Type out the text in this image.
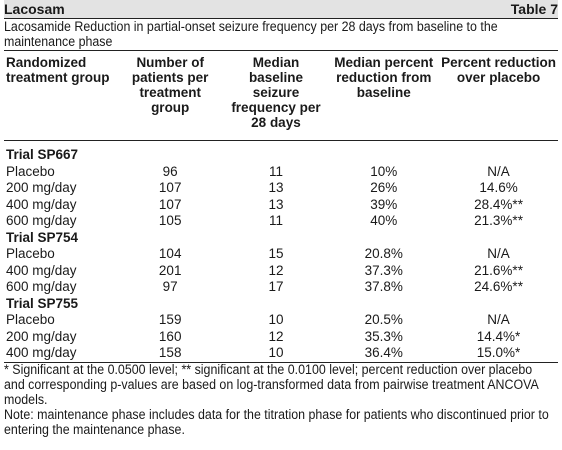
Lacosam	Table 7
Lacosamide Reduction in partial-onset seizure frequency per 28 days from baseline to the maintenance phase
Randomized treatment group	Number of patients per treatment group	Median baseline seizure frequency per 28 days	Median percent reduction from baseline	Percent reduction over placebo

Trial SP667				
Placebo	96	11	10%	N/A
200 mg/day	107	13	26%	14.6%
400 mg/day	107	13	39%	28.4%**
600 mg/day	105	11	40%	21.3%**
Trial SP754				
Placebo	104	15	20.8%	N/A
400 mg/day	201	12	37.3%	21.6%**
600 mg/day	97	17	37.8%	24.6%**
Trial SP755				
Placebo	159	10	20.5%	N/A
200 mg/day	160	12	35.3%	14.4%*
400 mg/day	158	10	36.4%	15.0%*

* Significant at the 0.0500 level; ** significant at the 0.0100 level; percent reduction over placebo and corresponding p-values are based on log-transformed data from pairwise treatment ANCOVA models.

Note: maintenance phase includes data for the titration phase for patients who discontinued prior to entering the maintenance phase.
